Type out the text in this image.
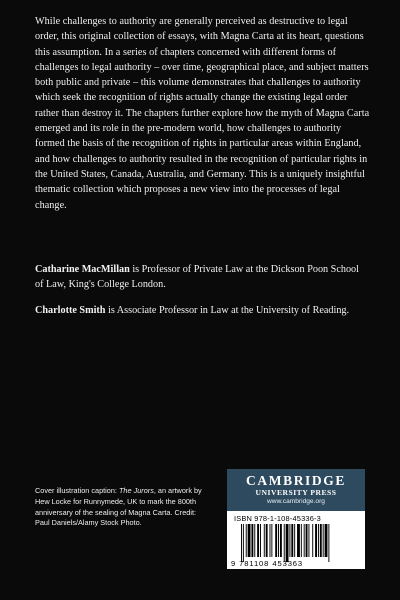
While challenges to authority are generally perceived as destructive to legal order, this original collection of essays, with Magna Carta at its heart, questions this assumption. In a series of chapters concerned with different forms of challenges to legal authority – over time, geographical place, and subject matters both public and private – this volume demonstrates that challenges to authority which seek the recognition of rights actually change the existing legal order rather than destroy it. The chapters further explore how the myth of Magna Carta emerged and its role in the pre-modern world, how challenges to authority formed the basis of the recognition of rights in particular areas within England, and how challenges to authority resulted in the recognition of particular rights in the United States, Canada, Australia, and Germany. This is a uniquely insightful thematic collection which proposes a new view into the processes of legal change.

Catharine MacMillan is Professor of Private Law at the Dickson Poon School of Law, King's College London.

Charlotte Smith is Associate Professor in Law at the University of Reading.

Cover illustration caption: The Jurors, an artwork by Hew Locke for Runnymede, UK to mark the 800th anniversary of the sealing of Magna Carta. Credit: Paul Daniels/Alamy Stock Photo.

CAMBRIDGE
UNIVERSITY PRESS
www.cambridge.org
ISBN 978-1-108-45336-3
9 781108 453363
